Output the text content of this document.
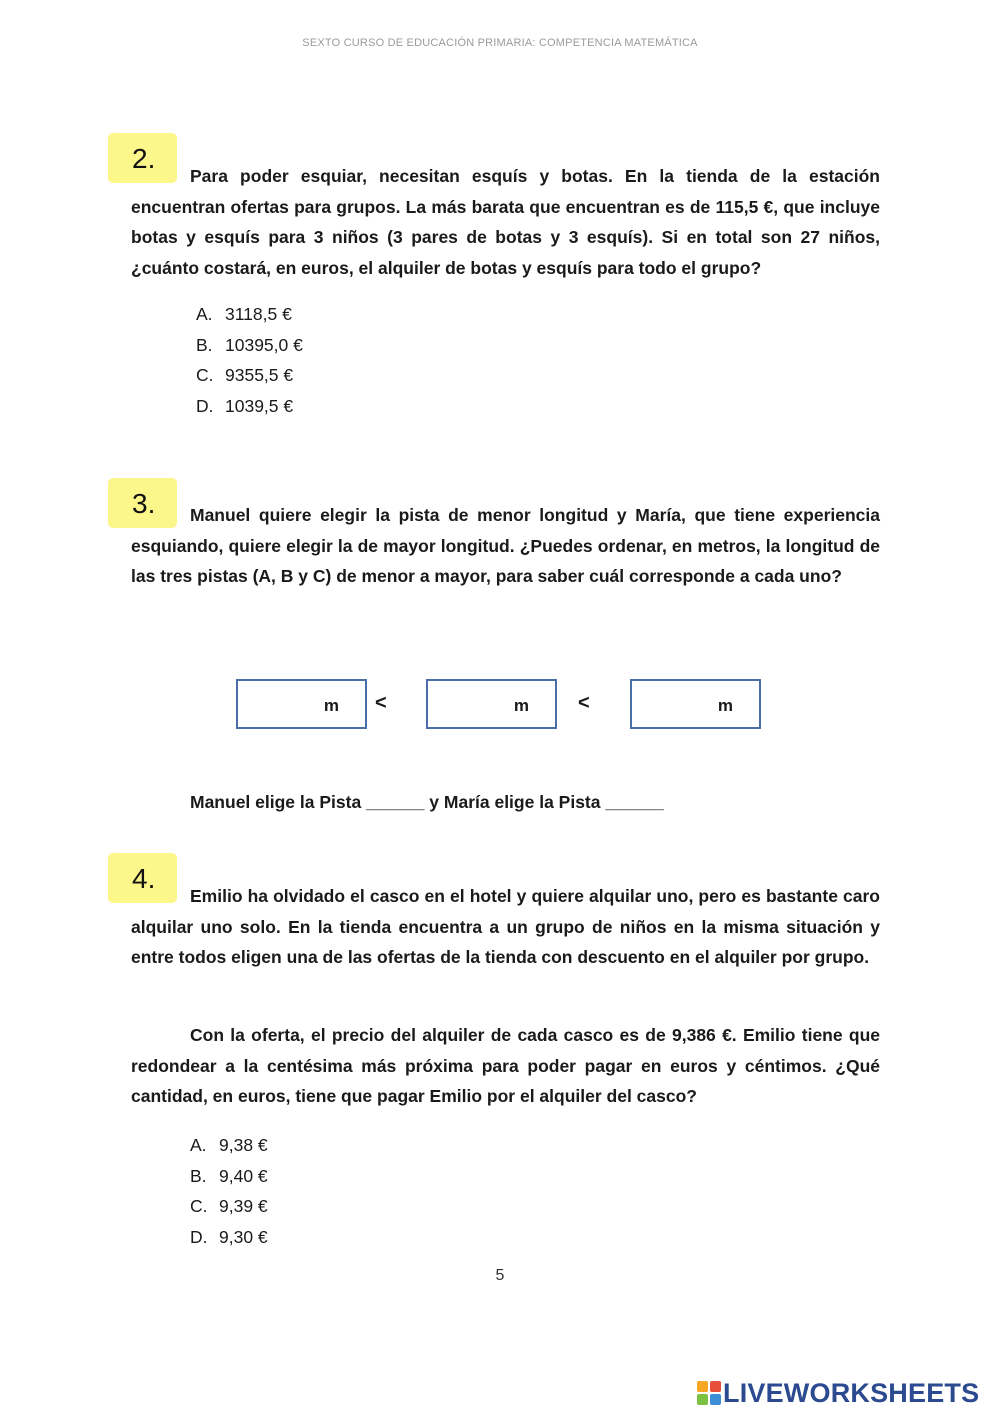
SEXTO CURSO DE EDUCACIÓN PRIMARIA: COMPETENCIA MATEMÁTICA
2.
Para poder esquiar, necesitan esquís y botas. En la tienda de la estación encuentran ofertas para grupos. La más barata que encuentran es de 115,5 €, que incluye botas y esquís para 3 niños (3 pares de botas y 3 esquís). Si en total son 27 niños, ¿cuánto costará, en euros, el alquiler de botas y esquís para todo el grupo?
A. 3118,5 €
B. 10395,0 €
C. 9355,5 €
D. 1039,5 €
3.	Manuel quiere elegir la pista de menor longitud y María, que tiene experiencia esquiando, quiere elegir la de mayor longitud. ¿Puedes ordenar, en metros, la longitud de las tres pistas (A, B y C) de menor a mayor, para saber cuál corresponde a cada uno?
m <	m <	m
Manuel elige la Pista ______ y María elige la Pista ______
4.
Emilio ha olvidado el casco en el hotel y quiere alquilar uno, pero es bastante caro alquilar uno solo. En la tienda encuentra a un grupo de niños en la misma situación y entre todos eligen una de las ofertas de la tienda con descuento en el alquiler por grupo.
Con la oferta, el precio del alquiler de cada casco es de 9,386 €. Emilio tiene que redondear a la centésima más próxima para poder pagar en euros y céntimos. ¿Qué cantidad, en euros, tiene que pagar Emilio por el alquiler del casco?
A. 9,38 €
B. 9,40 €
C. 9,39 €
D. 9,30 €
5
LIVEWORKSHEETS
